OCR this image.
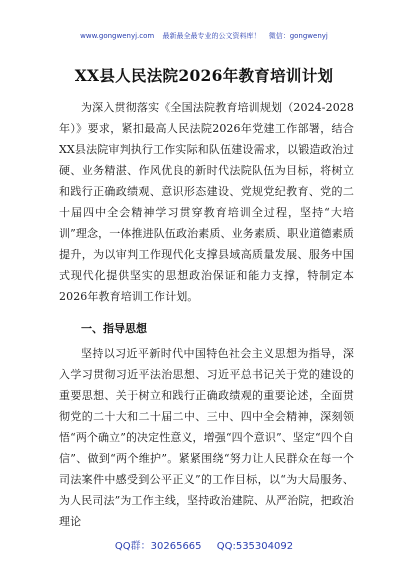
www.gongwenyj.com 最新最全最专业的公文资料库！ 微信：gongwenyj
XX县人民法院2026年教育培训计划

为深入贯彻落实《全国法院教育培训规划（2024-2028年）》要求，紧扣最高人民法院2026年党建工作部署，结合XX县法院审判执行工作实际和队伍建设需求，以锻造政治过硬、业务精湛、作风优良的新时代法院队伍为目标，将树立和践行正确政绩观、意识形态建设、党规党纪教育、党的二十届四中全会精神学习贯穿教育培训全过程，坚持“大培训”理念，一体推进队伍政治素质、业务素质、职业道德素质提升，为以审判工作现代化支撑县域高质量发展、服务中国式现代化提供坚实的思想政治保证和能力支撑，特制定本2026年教育培训工作计划。

一、指导思想

坚持以习近平新时代中国特色社会主义思想为指导，深入学习贯彻习近平法治思想、习近平总书记关于党的建设的重要思想、关于树立和践行正确政绩观的重要论述，全面贯彻党的二十大和二十届二中、三中、四中全会精神，深刻领悟“两个确立”的决定性意义，增强“四个意识”、坚定“四个自信”、做到“两个维护”。紧紧围绕“努力让人民群众在每一个司法案件中感受到公平正义”的工作目标，以“为大局服务、为人民司法”为工作主线，坚持政治建院、从严治院，把政治理论

QQ群：30265665 QQ:535304092
